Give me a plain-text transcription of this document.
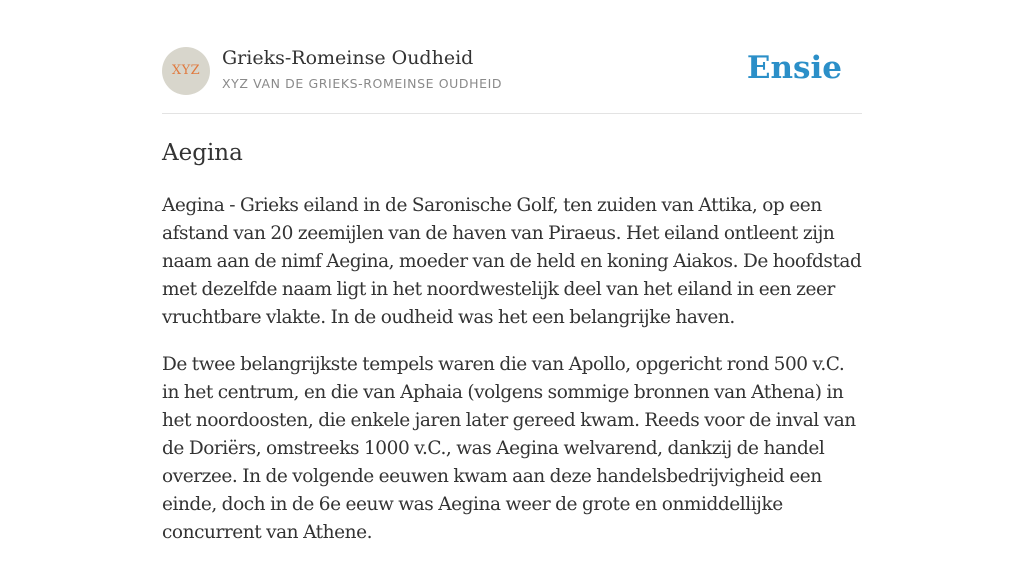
XYZ
Grieks-Romeinse Oudheid
XYZ VAN DE GRIEKS-ROMEINSE OUDHEID	Ensie
Aegina

Aegina - Grieks eiland in de Saronische Golf, ten zuiden van Attika, op een afstand van 20 zeemijlen van de haven van Piraeus. Het eiland ontleent zijn naam aan de nimf Aegina, moeder van de held en koning Aiakos. De hoofdstad met dezelfde naam ligt in het noordwestelijk deel van het eiland in een zeer vruchtbare vlakte. In de oudheid was het een belangrijke haven.

De twee belangrijkste tempels waren die van Apollo, opgericht rond 500 v.C. in het centrum, en die van Aphaia (volgens sommige bronnen van Athena) in het noordoosten, die enkele jaren later gereed kwam. Reeds voor de inval van de Doriërs, omstreeks 1000 v.C., was Aegina welvarend, dankzij de handel overzee. In de volgende eeuwen kwam aan deze handelsbedrijvigheid een einde, doch in de 6e eeuw was Aegina weer de grote en onmiddellijke concurrent van Athene.
